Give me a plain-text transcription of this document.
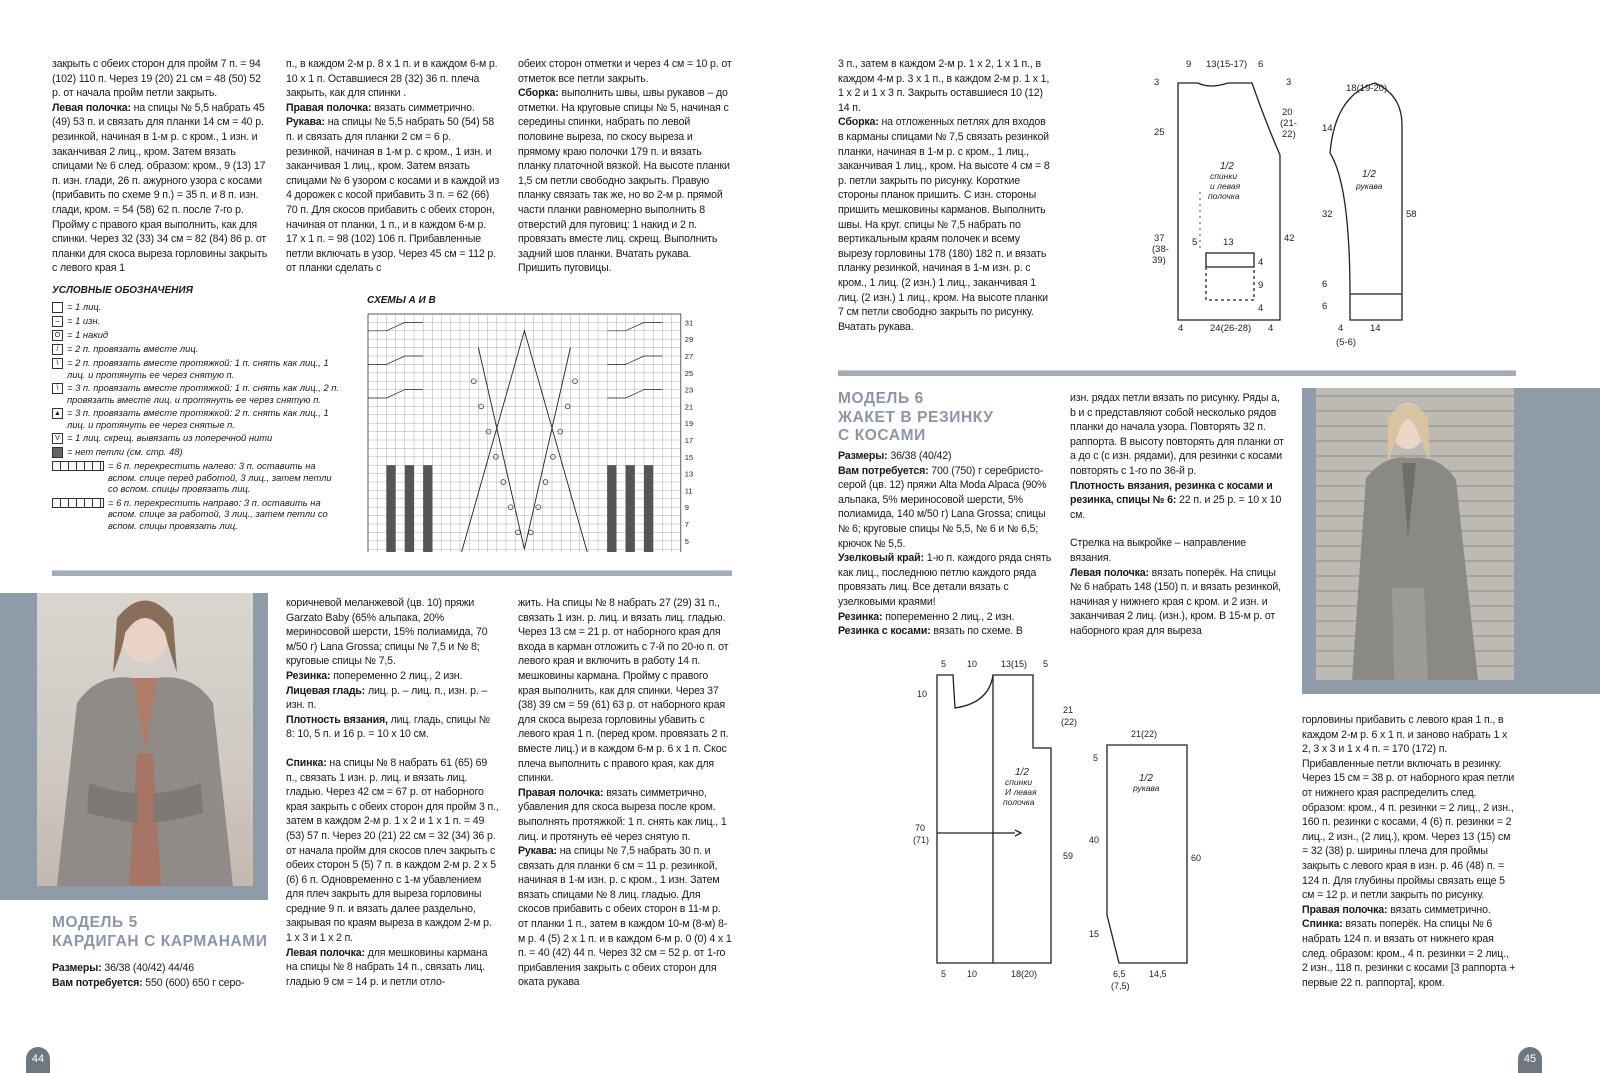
закрыть с обеих сторон для пройм 7 п. = 94 (102) 110 п. Через 19 (20) 21 см = 48 (50) 52 р. от начала пройм петли закрыть.

Левая полочка: на спицы № 5,5 набрать 45 (49) 53 п. и связать для планки 14 см = 40 р. резинкой, начиная в 1-м р. с кром., 1 изн. и заканчивая 2 лиц., кром. Затем вязать спицами № 6 след. образом: кром., 9 (13) 17 п. изн. глади, 26 п. ажурного узора с косами (прибавить по схеме 9 п.) = 35 п. и 8 п. изн. глади, кром. = 54 (58) 62 п. после 7-го р. Пройму с правого края выполнить, как для спинки. Через 32 (33) 34 см = 82 (84) 86 р. от планки для скоса выреза горловины закрыть с левого края 1

п., в каждом 2-м р. 8 х 1 п. и в каждом 6-м р. 10 х 1 п. Оставшиеся 28 (32) 36 п. плеча закрыть, как для спинки .

Правая полочка: вязать симметрично.

Рукава: на спицы № 5,5 набрать 50 (54) 58 п. и связать для планки 2 см = 6 р. резинкой, начиная в 1-м р. с кром., 1 изн. и заканчивая 1 лиц., кром. Затем вязать спицами № 6 узором с косами и в каждой из 4 дорожек с косой прибавить 3 п. = 62 (66) 70 п. Для скосов прибавить с обеих сторон, начиная от планки, 1 п., и в каждом 6-м р. 17 х 1 п. = 98 (102) 106 п. Прибавленные петли включать в узор. Через 45 см = 112 р. от планки сделать с

обеих сторон отметки и через 4 см = 10 р. от отметок все петли закрыть.

Сборка: выполнить швы, швы рукавов – до отметки. На круговые спицы № 5, начиная с середины спинки, набрать по левой половине выреза, по скосу выреза и прямому краю полочки 179 п. и вязать планку платочной вязкой. На высоте планки 1,5 см петли свободно закрыть. Правую планку связать так же, но во 2-м р. прямой части планки равномерно выполнить 8 отверстий для пуговиц: 1 накид и 2 п. провязать вместе лиц. скрещ. Выполнить задний шов планки. Вчатать рукава. Пришить пуговицы.

УСЛОВНЫЕ ОБОЗНАЧЕНИЯ
= 1 лиц.
– = 1 изн.
O = 1 накид
/ = 2 п. провязать вместе лиц.
\ = 2 п. провязать вместе протяжкой: 1 п. снять как лиц., 1 лиц. и протянуть ее через снятую п.
\ = 3 п. провязать вместе протяжкой: 1 п. снять как лиц., 2 п. провязать вместе лиц. и протянуть ее через снятую п.
▲ = 3 п. провязать вместе протяжкой: 2 п. снять как лиц., 1 лиц. и протянуть ее через снятые п.
V = 1 лиц. скрещ. вывязать из поперечной нити
■ = нет петли (см. стр. 48)
= 6 п. перекрестить налево: 3 п. оставить на вспом. спице перед работой, 3 лиц., затем петли со вспом. спицы провязать лиц.
= 6 п. перекрестить направо: 3 п. оставить на вспом. спице за работой, 3 лиц., затем петли со вспом. спицы провязать лиц.
СХЕМЫ А И В
31
29
27
25
23
21
19
17
15
13
11
9
7
5
МОДЕЛЬ 5
КАРДИГАН С КАРМАНАМИ

Размеры: 36/38 (40/42) 44/46

Вам потребуется: 550 (600) 650 г серо-

коричневой меланжевой (цв. 10) пряжи Garzato Baby (65% альпака, 20% мериносовой шерсти, 15% полиамида, 70 м/50 г) Lana Grossa; спицы № 7,5 и № 8; круговые спицы № 7,5.

Резинка: попеременно 2 лиц., 2 изн.

Лицевая гладь: лиц. р. – лиц. п., изн. р. – изн. п.

Плотность вязания, лиц. гладь, спицы № 8: 10, 5 п. и 16 р. = 10 х 10 см.

Спинка: на спицы № 8 набрать 61 (65) 69 п., связать 1 изн. р. лиц. и вязать лиц. гладью. Через 42 см = 67 р. от наборного края закрыть с обеих сторон для пройм 3 п., затем в каждом 2-м р. 1 х 2 и 1 х 1 п. = 49 (53) 57 п. Через 20 (21) 22 см = 32 (34) 36 р. от начала пройм для скосов плеч закрыть с обеих сторон 5 (5) 7 п. в каждом 2-м р. 2 х 5 (6) 6 п. Одновременно с 1-м убавлением для плеч закрыть для выреза горловины средние 9 п. и вязать далее раздельно, закрывая по краям выреза в каждом 2-м р. 1 х 3 и 1 х 2 п.

Левая полочка: для мешковины кармана на спицы № 8 набрать 14 п., связать лиц. гладью 9 см = 14 р. и петли отло-

жить. На спицы № 8 набрать 27 (29) 31 п., связать 1 изн. р. лиц. и вязать лиц. гладью. Через 13 см = 21 р. от наборного края для входа в карман отложить с 7-й по 20-ю п. от левого края и включить в работу 14 п. мешковины кармана. Пройму с правого края выполнить, как для спинки. Через 37 (38) 39 см = 59 (61) 63 р. от наборного края для скоса выреза горловины убавить с левого края 1 п. (перед кром. провязать 2 п. вместе лиц.) и в каждом 6-м р. 6 х 1 п. Скос плеча выполнить с правого края, как для спинки.

Правая полочка: вязать симметрично, убавления для скоса выреза после кром. выполнять протяжкой: 1 п. снять как лиц., 1 лиц. и протянуть её через снятую п.

Рукава: на спицы № 7,5 набрать 30 п. и связать для планки 6 см = 11 р. резинкой, начиная в 1-м изн. р. с кром., 1 изн. Затем вязать спицами № 8 лиц. гладью. Для скосов прибавить с обеих сторон в 11-м р. от планки 1 п., затем в каждом 10-м (8-м) 8-м р. 4 (5) 2 х 1 п. и в каждом 6-м р. 0 (0) 4 х 1 п. = 40 (42) 44 п. Через 32 см = 52 р. от 1-го прибавления закрыть с обеих сторон для оката рукава

44

3 п., затем в каждом 2-м р. 1 х 2, 1 х 1 п., в каждом 4-м р. 3 х 1 п., в каждом 2-м р. 1 х 1, 1 х 2 и 1 х 3 п. Закрыть оставшиеся 10 (12) 14 п.

Сборка: на отложенных петлях для входов в карманы спицами № 7,5 связать резинкой планки, начиная в 1-м р. с кром., 1 лиц., заканчивая 1 лиц., кром. На высоте 4 см = 8 р. петли закрыть по рисунку. Короткие стороны планок пришить. С изн. стороны пришить мешковины карманов. Выполнить швы. На круг. спицы № 7,5 набрать по вертикальным краям полочек и всему вырезу горловины 178 (180) 182 п. и вязать планку резинкой, начиная в 1-м изн. р. с кром., 1 лиц. (2 изн.) 1 лиц., заканчивая 1 лиц. (2 изн.) 1 лиц., кром. На высоте планки 7 см петли свободно закрыть по рисунку. Вчатать рукава.

9 13(15-17) 6
3
25
37
(38-
39)
3
20
(21-
22)
42
5	13
4
9
4
4	24(26-28) 4
1/2
спинки
и левая
полочка
18(19-20)
14
32
6
6
58
1/2
рукава
4	14
(5-6)
МОДЕЛЬ 6
ЖАКЕТ В РЕЗИНКУ
С КОСАМИ

Размеры: 36/38 (40/42)

Вам потребуется: 700 (750) г серебристо-серой (цв. 12) пряжи Alta Moda Alpaca (90% альпака, 5% мериносовой шерсти, 5% полиамида, 140 м/50 г) Lana Grossa; спицы № 6; круговые спицы № 5,5, № 6 и № 6,5; крючок № 5,5.

Узелковый край: 1-ю п. каждого ряда снять как лиц., последнюю петлю каждого ряда провязать лиц. Все детали вязать с узелковыми краями!

Резинка: попеременно 2 лиц., 2 изн.

Резинка с косами: вязать по схеме. В

изн. рядах петли вязать по рисунку. Ряды a, b и c представляют собой несколько рядов планки до начала узора. Повторять 32 п. раппорта. В высоту повторять для планки от a до c (с изн. рядами), для резинки с косами повторять с 1-го по 36-й р.

Плотность вязания, резинка с косами и резинка, спицы № 6: 22 п. и 25 р. = 10 х 10 см.

Стрелка на выкройке – направление вязания.

Левая полочка: вязать поперёк. На спицы № 6 набрать 148 (150) п. и вязать резинкой, начиная у нижнего края с кром. и 2 изн. и заканчивая 2 лиц. (изн.), кром. В 15-м р. от наборного края для выреза

горловины прибавить с левого края 1 п., в каждом 2-м р. 6 х 1 п. и заново набрать 1 х 2, 3 х 3 и 1 х 4 п. = 170 (172) п. Прибавленные петли включать в резинку. Через 15 см = 38 р. от наборного края петли от нижнего края распределить след. образом: кром., 4 п. резинки = 2 лиц., 2 изн., 160 п. резинки с косами, 4 (6) п. резинки = 2 лиц., 2 изн., (2 лиц.), кром. Через 13 (15) см = 32 (38) р. ширины плеча для проймы закрыть с левого края в изн. р. 46 (48) п. = 124 п. Для глубины проймы связать еще 5 см = 12 р. и петли закрыть по рисунку.

Правая полочка: вязать симметрично.

Спинка: вязать поперёк. На спицы № 6 набрать 124 п. и вязать от нижнего края след. образом: кром., 4 п. резинки = 2 лиц., 2 изн., 118 п. резинки с косами [3 раппорта + первые 22 п. раппорта], кром.

5 10	13(15) 5
10
70
(71)
21
(22)
59
1/2
спинки
И левая
полочка
5 10	18(20)
21(22)
5
40
15
60
1/2
рукава
6,5
(7,5)
14,5
45
